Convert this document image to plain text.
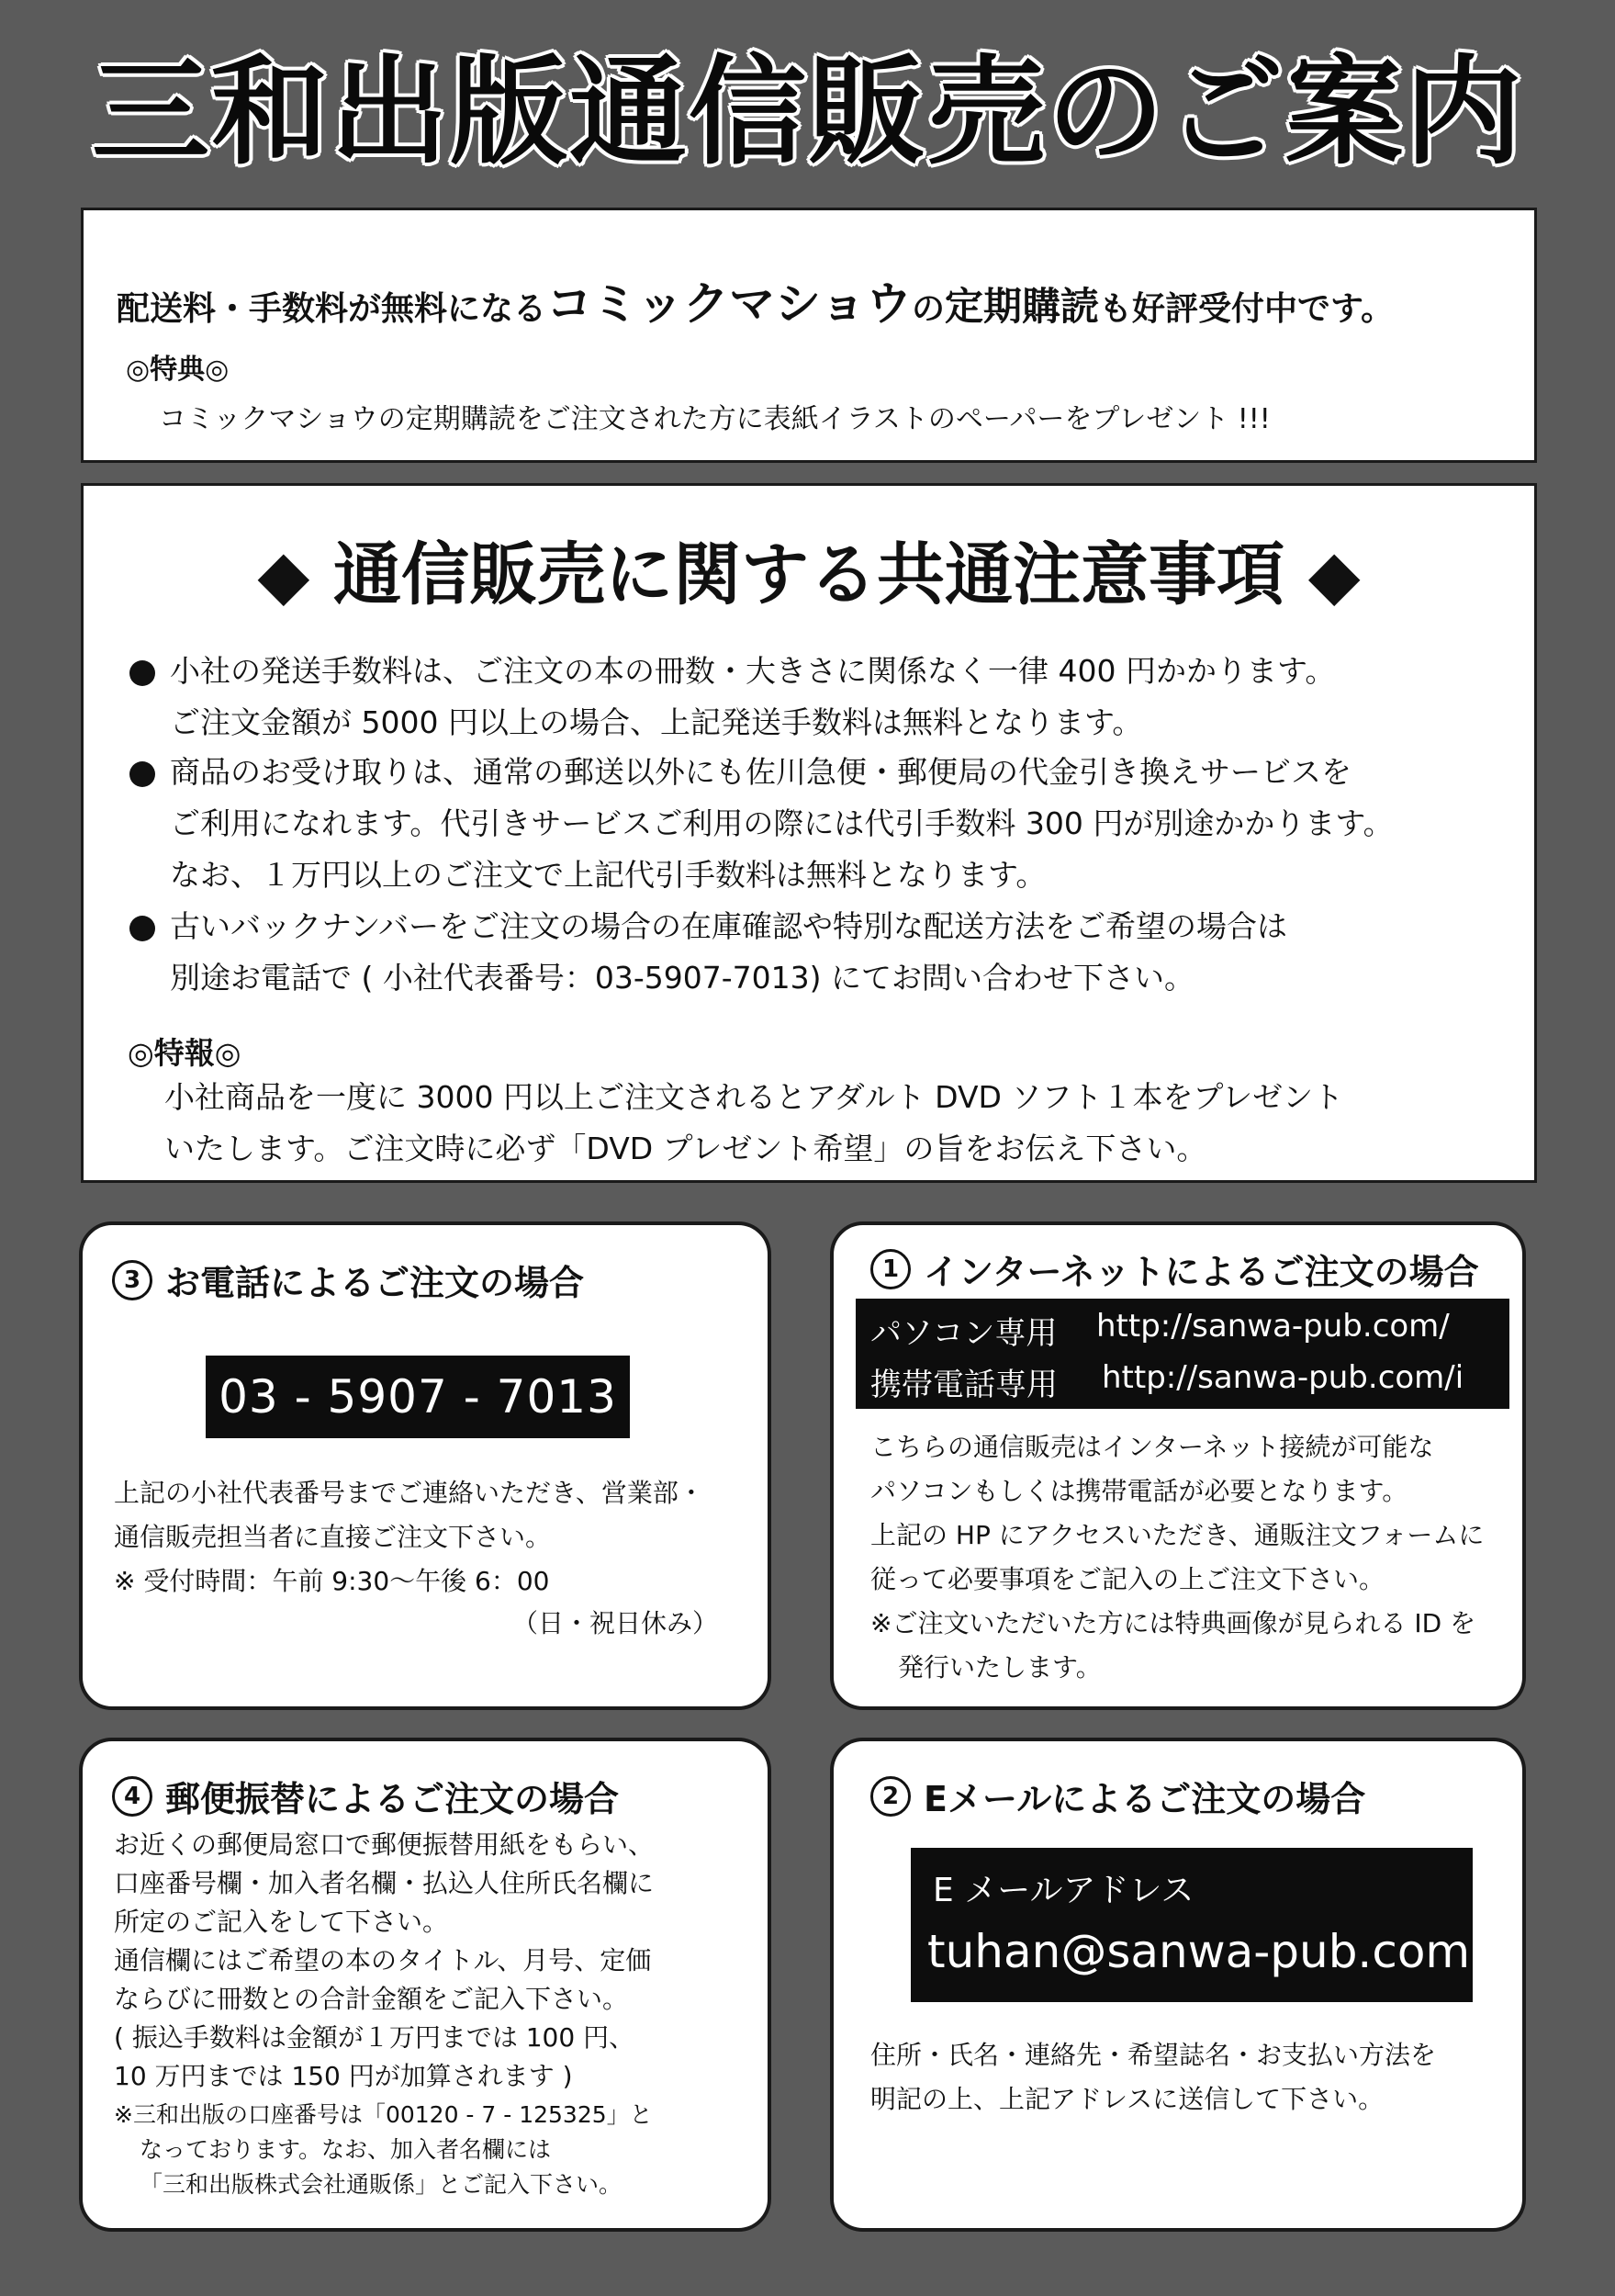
三和出版通信販売のご案内
配送料・手数料が無料になるコミックマショウの定期購読も好評受付中です。
◎特典◎
コミックマショウの定期購読をご注文された方に表紙イラストのペーパーをプレゼント !!!
◆ 通信販売に関する共通注意事項 ◆
小社の発送手数料は、ご注文の本の冊数・大きさに関係なく一律 400 円かかります。
ご注文金額が 5000 円以上の場合、上記発送手数料は無料となります。
商品のお受け取りは、通常の郵送以外にも佐川急便・郵便局の代金引き換えサービスを
ご利用になれます。代引きサービスご利用の際には代引手数料 300 円が別途かかります。
なお、１万円以上のご注文で上記代引手数料は無料となります。
古いバックナンバーをご注文の場合の在庫確認や特別な配送方法をご希望の場合は
別途お電話で ( 小社代表番号：03-5907-7013) にてお問い合わせ下さい。
◎特報◎
小社商品を一度に 3000 円以上ご注文されるとアダルト DVD ソフト１本をプレゼント
いたします。ご注文時に必ず「DVD プレゼント希望」の旨をお伝え下さい。
3 お電話によるご注文の場合
03 - 5907 - 7013
上記の小社代表番号までご連絡いただき、営業部・
通信販売担当者に直接ご注文下さい。
※ 受付時間：午前 9:30〜午後 6：00
（日・祝日休み）
1 インターネットによるご注文の場合
パソコン専用 http://sanwa-pub.com/
携帯電話専用 http://sanwa-pub.com/i
こちらの通信販売はインターネット接続が可能な
パソコンもしくは携帯電話が必要となります。
上記の HP にアクセスいただき、通販注文フォームに
従って必要事項をご記入の上ご注文下さい。
※ご注文いただいた方には特典画像が見られる ID を
発行いたします。
4 郵便振替によるご注文の場合
お近くの郵便局窓口で郵便振替用紙をもらい、
口座番号欄・加入者名欄・払込人住所氏名欄に
所定のご記入をして下さい。
通信欄にはご希望の本のタイトル、月号、定価
ならびに冊数との合計金額をご記入下さい。
( 振込手数料は金額が１万円までは 100 円、
10 万円までは 150 円が加算されます )
※三和出版の口座番号は「00120 - 7 - 125325」と
なっております。なお、加入者名欄には
「三和出版株式会社通販係」とご記入下さい。
2 Eメールによるご注文の場合
E メールアドレス
tuhan@sanwa-pub.com
住所・氏名・連絡先・希望誌名・お支払い方法を
明記の上、上記アドレスに送信して下さい。
